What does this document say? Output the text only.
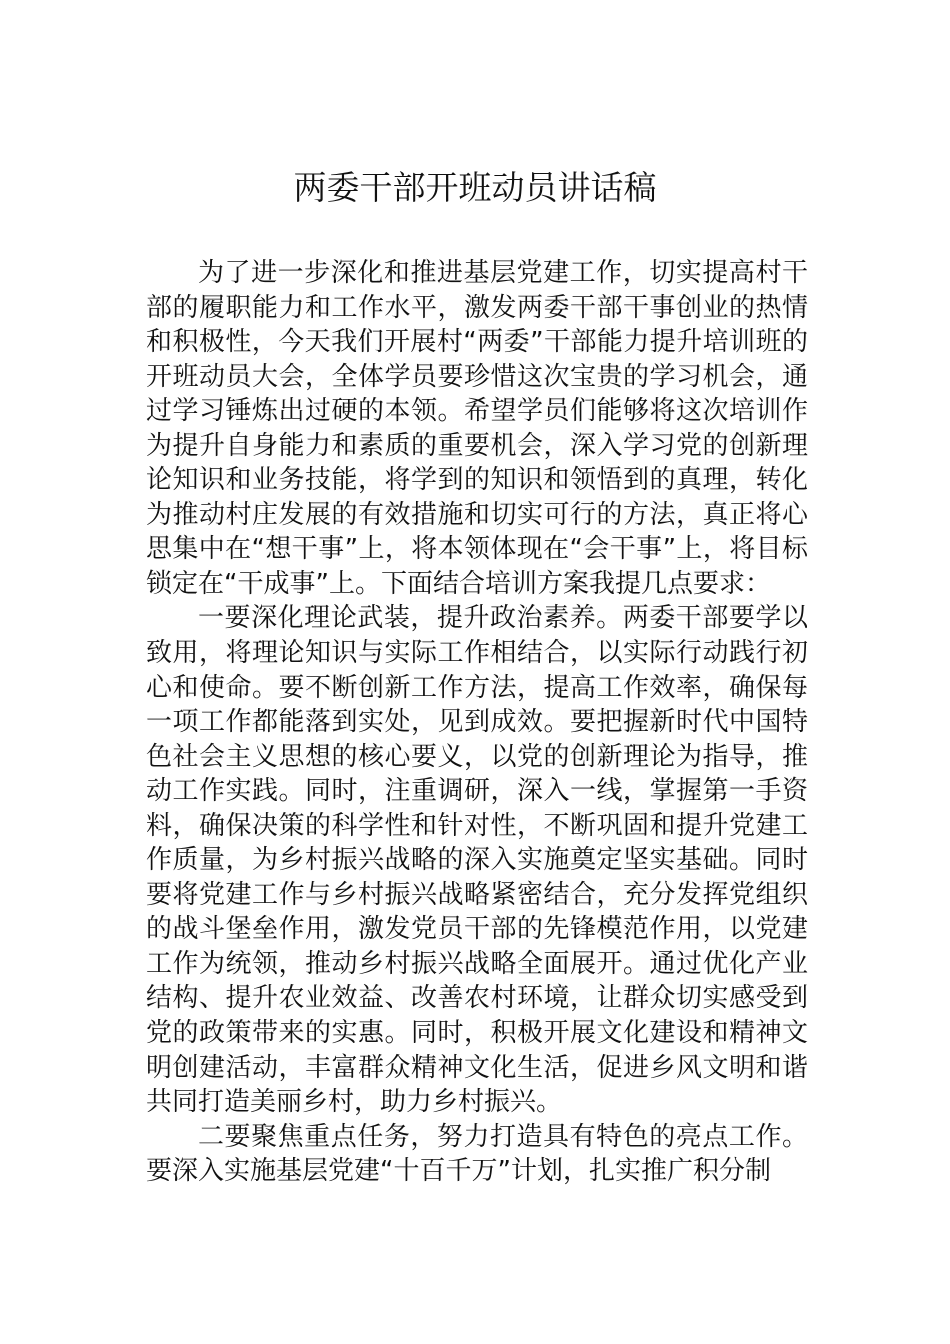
两委干部开班动员讲话稿

为了进一步深化和推进基层党建工作，切实提高村干部的履职能力和工作水平，激发两委干部干事创业的热情和积极性，今天我们开展村“两委”干部能力提升培训班的开班动员大会，全体学员要珍惜这次宝贵的学习机会，通过学习锤炼出过硬的本领。希望学员们能够将这次培训作为提升自身能力和素质的重要机会，深入学习党的创新理论知识和业务技能，将学到的知识和领悟到的真理，转化为推动村庄发展的有效措施和切实可行的方法，真正将心思集中在“想干事”上，将本领体现在“会干事”上，将目标锁定在“干成事”上。下面结合培训方案我提几点要求：

一要深化理论武装，提升政治素养。两委干部要学以致用，将理论知识与实际工作相结合，以实际行动践行初心和使命。要不断创新工作方法，提高工作效率，确保每一项工作都能落到实处，见到成效。要把握新时代中国特色社会主义思想的核心要义，以党的创新理论为指导，推动工作实践。同时，注重调研，深入一线，掌握第一手资料，确保决策的科学性和针对性，不断巩固和提升党建工作质量，为乡村振兴战略的深入实施奠定坚实基础。同时要将党建工作与乡村振兴战略紧密结合，充分发挥党组织的战斗堡垒作用，激发党员干部的先锋模范作用，以党建工作为统领，推动乡村振兴战略全面展开。通过优化产业结构、提升农业效益、改善农村环境，让群众切实感受到党的政策带来的实惠。同时，积极开展文化建设和精神文明创建活动，丰富群众精神文化生活，促进乡风文明和谐共同打造美丽乡村，助力乡村振兴。

二要聚焦重点任务，努力打造具有特色的亮点工作。要深入实施基层党建“十百千万”计划，扎实推广积分制
